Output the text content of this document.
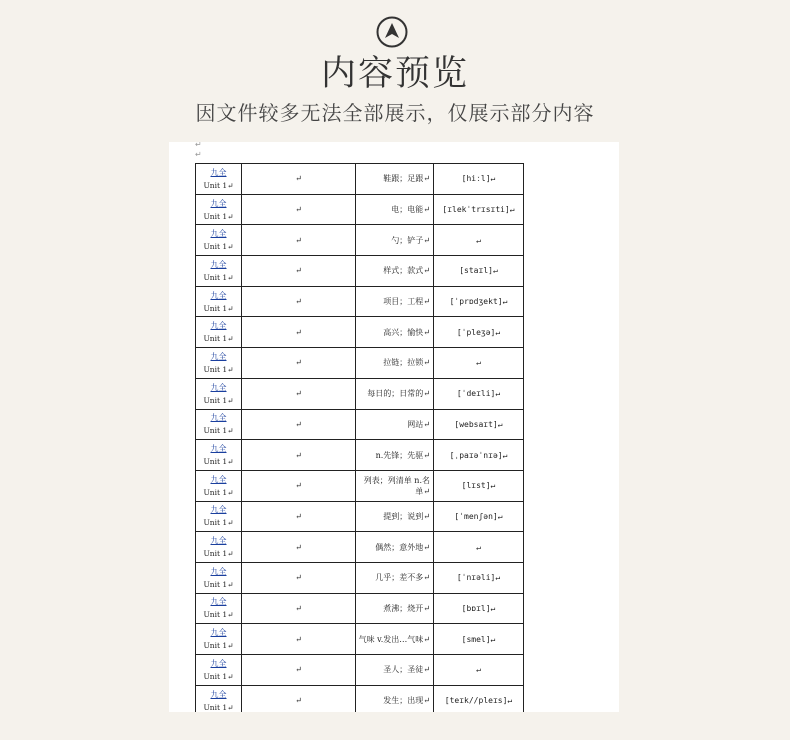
内容预览
因文件较多无法全部展示，仅展示部分内容
↵
↵
九全
Unit 1↵	↵	鞋跟；足跟↵	[hiːl]↵

九全
Unit 1↵	↵	电；电能↵	[ɪlekˈtrɪsɪti]↵

九全
Unit 1↵	↵	勺；铲子↵	↵

九全
Unit 1↵	↵	样式；款式↵	[staɪl]↵

九全
Unit 1↵	↵	项目；工程↵	[ˈprɒdʒekt]↵

九全
Unit 1↵	↵	高兴；愉快↵	[ˈpleʒə]↵

九全
Unit 1↵	↵	拉链；拉锁↵	↵

九全
Unit 1↵	↵	每日的；日常的↵	[ˈdeɪli]↵

九全
Unit 1↵	↵	网站↵	[websaɪt]↵

九全
Unit 1↵	↵	n.先锋；先驱↵	[ˌpaɪəˈnɪə]↵

九全
Unit 1↵	↵	列表；列清单 n.名单↵	[lɪst]↵

九全
Unit 1↵	↵	提到；说到↵	[ˈmenʃən]↵

九全
Unit 1↵	↵	偶然；意外地↵	↵

九全
Unit 1↵	↵	几乎；差不多↵	[ˈnɪəli]↵

九全
Unit 1↵	↵	煮沸；烧开↵	[bɒɪl]↵

九全
Unit 1↵	↵	气味 v.发出…气味↵	[smel]↵

九全
Unit 1↵	↵	圣人；圣徒↵	↵

九全
Unit 1↵	↵	发生；出现↵	[teɪk//pleɪs]↵
